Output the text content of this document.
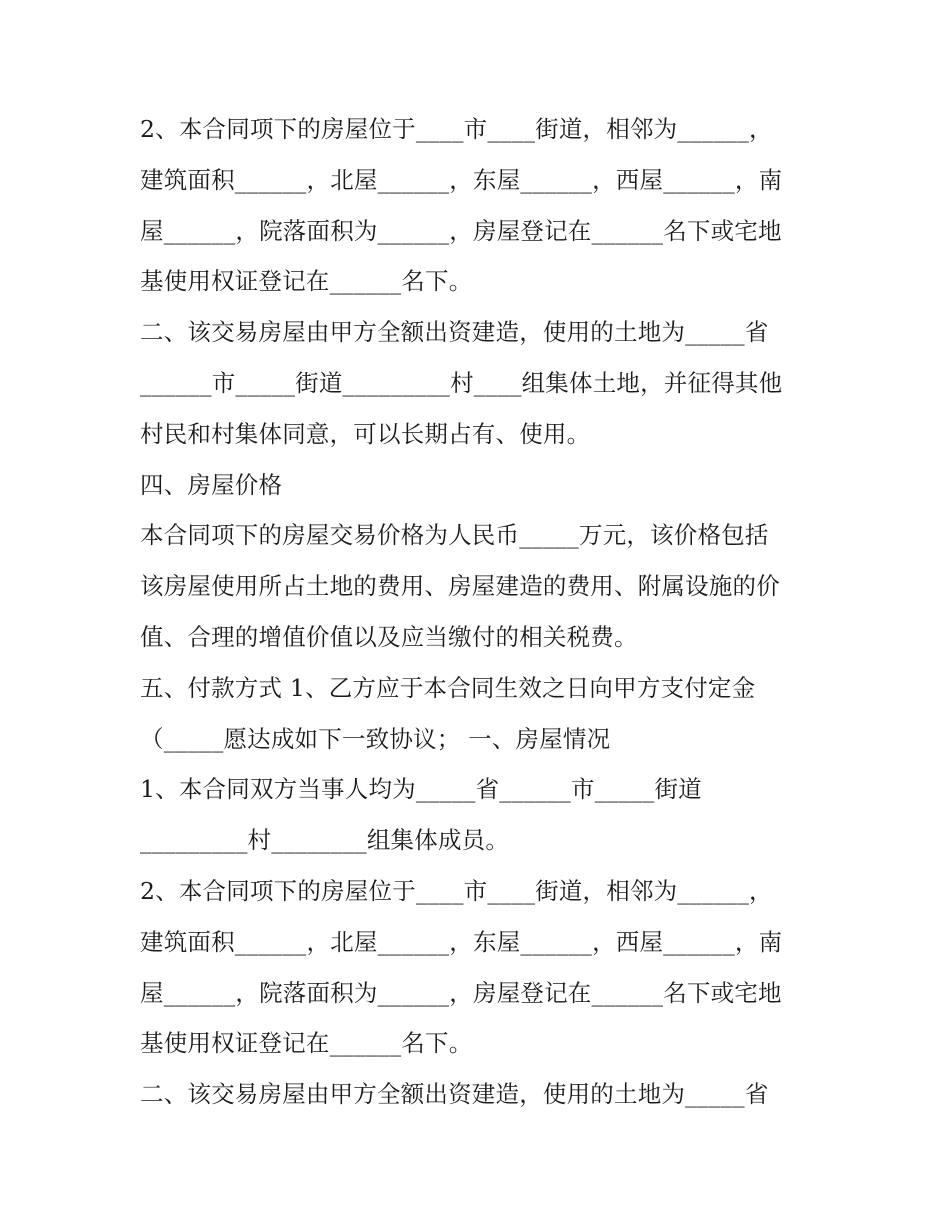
2、本合同项下的房屋位于____市____街道，相邻为______，
建筑面积______，北屋______，东屋______，西屋______，南
屋______，院落面积为______，房屋登记在______名下或宅地
基使用权证登记在______名下。
二、该交易房屋由甲方全额出资建造，使用的土地为_____省
______市_____街道_________村____组集体土地，并征得其他
村民和村集体同意，可以长期占有、使用。
四、房屋价格
本合同项下的房屋交易价格为人民币_____万元，该价格包括
该房屋使用所占土地的费用、房屋建造的费用、附属设施的价
值、合理的增值价值以及应当缴付的相关税费。
五、付款方式 1、乙方应于本合同生效之日向甲方支付定金
（_____愿达成如下一致协议； 一、房屋情况
1、本合同双方当事人均为_____省______市_____街道
_________村________组集体成员。
2、本合同项下的房屋位于____市____街道，相邻为______，
建筑面积______，北屋______，东屋______，西屋______，南
屋______，院落面积为______，房屋登记在______名下或宅地
基使用权证登记在______名下。
二、该交易房屋由甲方全额出资建造，使用的土地为_____省
